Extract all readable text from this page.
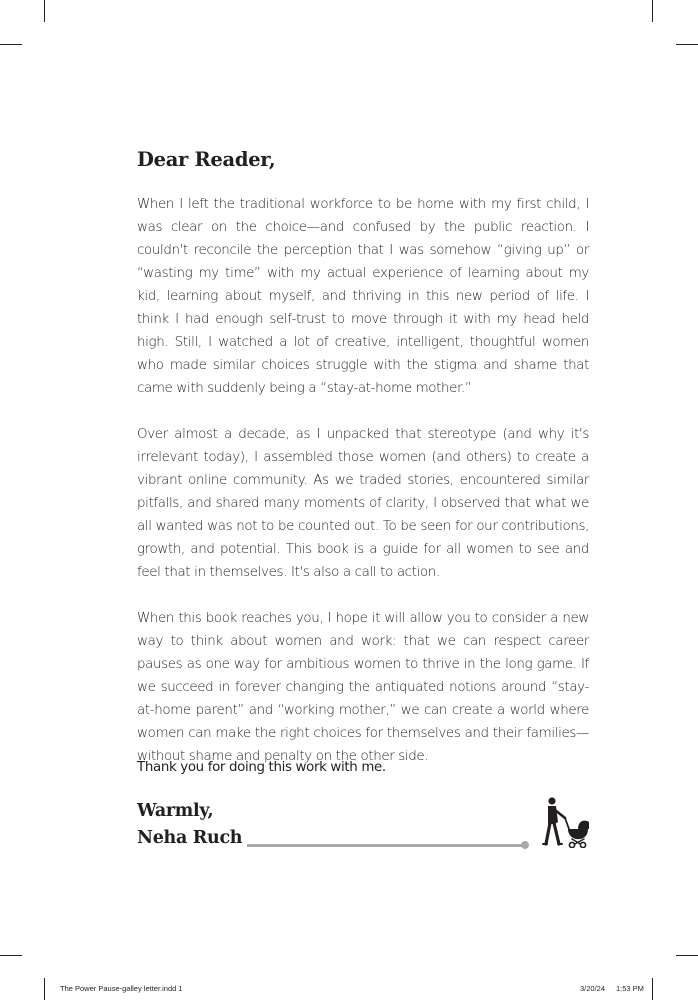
Dear Reader,

When I left the traditional workforce to be home with my first child, I was clear on the choice—and confused by the public reaction. I couldn't reconcile the perception that I was somehow “giving up” or “wasting my time” with my actual experience of learning about my kid, learning about myself, and thriving in this new period of life. I think I had enough self-trust to move through it with my head held high. Still, I watched a lot of creative, intelligent, thoughtful women who made similar choices struggle with the stigma and shame that came with suddenly being a “stay-at-home mother.”

Over almost a decade, as I unpacked that stereotype (and why it's irrelevant today), I assembled those women (and others) to create a vibrant online community. As we traded stories, encountered similar pitfalls, and shared many moments of clarity, I observed that what we all wanted was not to be counted out. To be seen for our contributions, growth, and potential. This book is a guide for all women to see and feel that in themselves. It's also a call to action.

When this book reaches you, I hope it will allow you to consider a new way to think about women and work: that we can respect career pauses as one way for ambitious women to thrive in the long game. If we succeed in forever changing the antiquated notions around “stay-at-home parent” and “working mother,” we can create a world where women can make the right choices for themselves and their families—without shame and penalty on the other side.

Thank you for doing this work with me.
Warmly,
Neha Ruch
The Power Pause-galley letter.indd 1	3/20/24 1:53 PM
